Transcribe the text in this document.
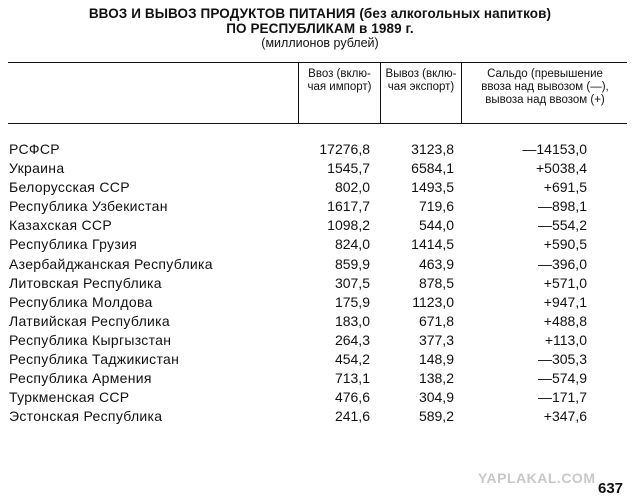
ВВОЗ И ВЫВОЗ ПРОДУКТОВ ПИТАНИЯ (без алкогольных напитков)
ПО РЕСПУБЛИКАМ в 1989 г.
(миллионов рублей)
Ввоз (вклю-
чая импорт)
Вывоз (вклю-
чая экспорт)
Сальдо (превышение
ввоза над вывозом (—),
вывоза над ввозом (+)
РСФСР	17276,8	3123,8	—14153,0
Украина	1545,7	6584,1	+5038,4
Белорусская ССР	802,0	1493,5	+691,5
Республика Узбекистан	1617,7	719,6	—898,1
Казахская ССР	1098,2	544,0	—554,2
Республика Грузия	824,0	1414,5	+590,5
Азербайджанская Республика	859,9	463,9	—396,0
Литовская Республика	307,5	878,5	+571,0
Республика Молдова	175,9	1123,0	+947,1
Латвийская Республика	183,0	671,8	+488,8
Республика Кыргызстан	264,3	377,3	+113,0
Республика Таджикистан	454,2	148,9	—305,3
Республика Армения	713,1	138,2	—574,9
Туркменская ССР	476,6	304,9	—171,7
Эстонская Республика	241,6	589,2	+347,6
YAPLAKAL.COM
637
